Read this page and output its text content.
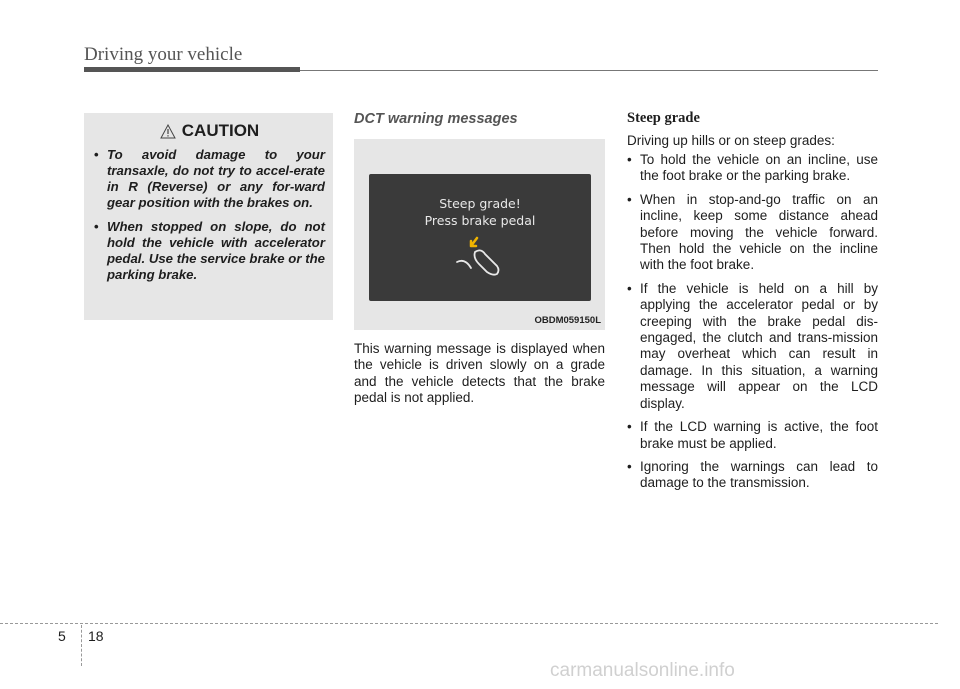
Driving your vehicle
CAUTION
• To avoid damage to your transaxle, do not try to accel-erate in R (Reverse) or any for-ward gear position with the brakes on.
• When stopped on slope, do not hold the vehicle with accelerator pedal. Use the service brake or the parking brake.
DCT warning messages
Steep grade!
Press brake pedal
OBDM059150L
This warning message is displayed when the vehicle is driven slowly on a grade and the vehicle detects that the brake pedal is not applied.
Steep grade
Driving up hills or on steep grades:
• To hold the vehicle on an incline, use the foot brake or the parking brake.
• When in stop-and-go traffic on an incline, keep some distance ahead before moving the vehicle forward. Then hold the vehicle on the incline with the foot brake.
• If the vehicle is held on a hill by applying the accelerator pedal or by creeping with the brake pedal dis-engaged, the clutch and trans-mission may overheat which can result in damage. In this situation, a warning message will appear on the LCD display.
• If the LCD warning is active, the foot brake must be applied.
• Ignoring the warnings can lead to damage to the transmission.
5 18
carmanualsonline.info
